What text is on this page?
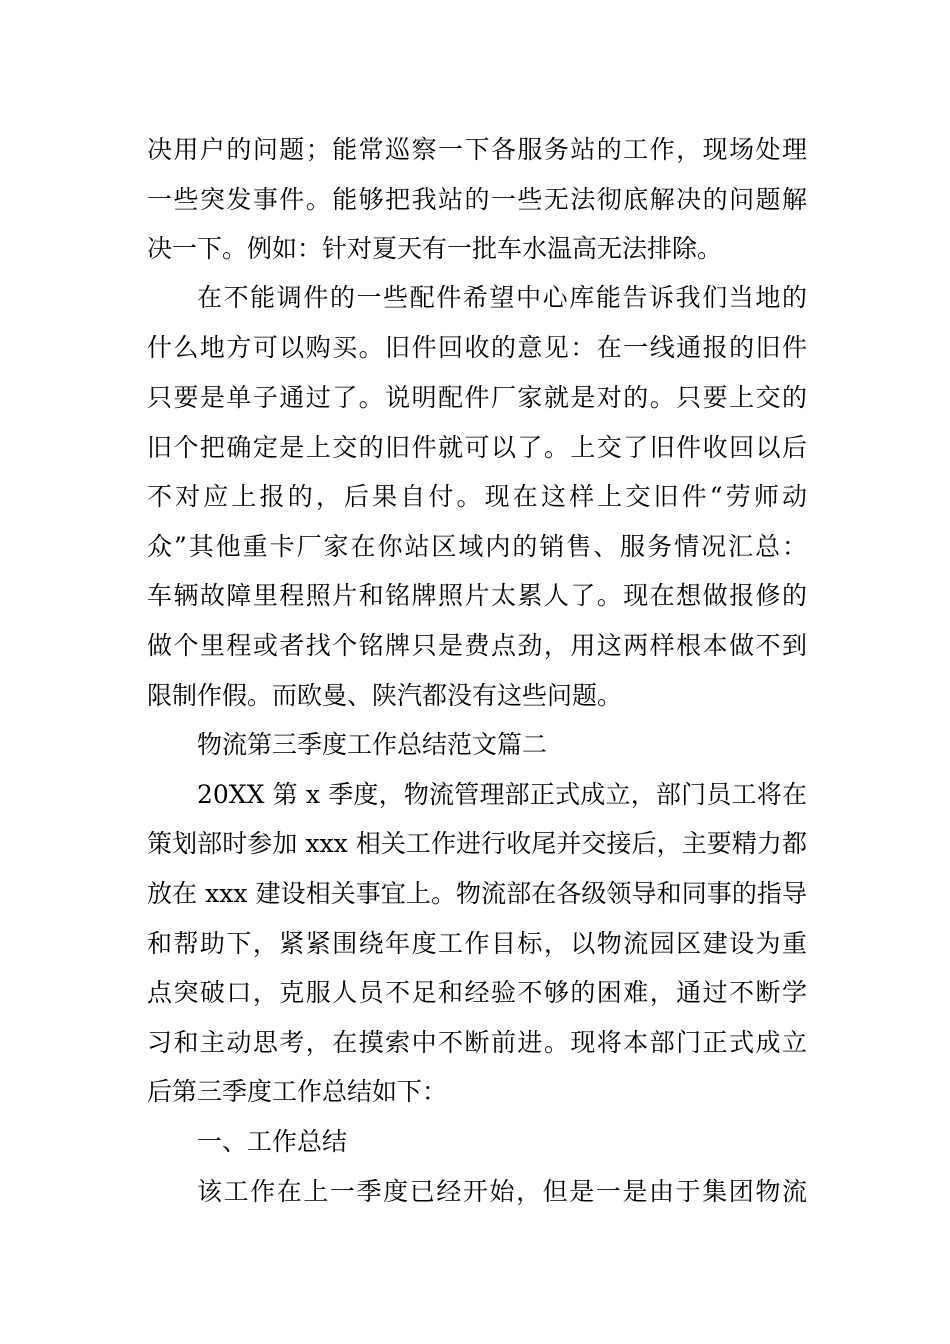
决用户的问题；能常巡察一下各服务站的工作，现场处理
一些突发事件。能够把我站的一些无法彻底解决的问题解
决一下。例如：针对夏天有一批车水温高无法排除。
在不能调件的一些配件希望中心库能告诉我们当地的
什么地方可以购买。旧件回收的意见：在一线通报的旧件
只要是单子通过了。说明配件厂家就是对的。只要上交的
旧个把确定是上交的旧件就可以了。上交了旧件收回以后
不对应上报的，后果自付。现在这样上交旧件“劳师动
众”其他重卡厂家在你站区域内的销售、服务情况汇总：
车辆故障里程照片和铭牌照片太累人了。现在想做报修的
做个里程或者找个铭牌只是费点劲，用这两样根本做不到
限制作假。而欧曼、陕汽都没有这些问题。
物流第三季度工作总结范文篇二
20XX 第 x 季度，物流管理部正式成立，部门员工将在
策划部时参加 xxx 相关工作进行收尾并交接后，主要精力都
放在 xxx 建设相关事宜上。物流部在各级领导和同事的指导
和帮助下，紧紧围绕年度工作目标，以物流园区建设为重
点突破口，克服人员不足和经验不够的困难，通过不断学
习和主动思考，在摸索中不断前进。现将本部门正式成立
后第三季度工作总结如下：
一、工作总结
该工作在上一季度已经开始，但是一是由于集团物流
